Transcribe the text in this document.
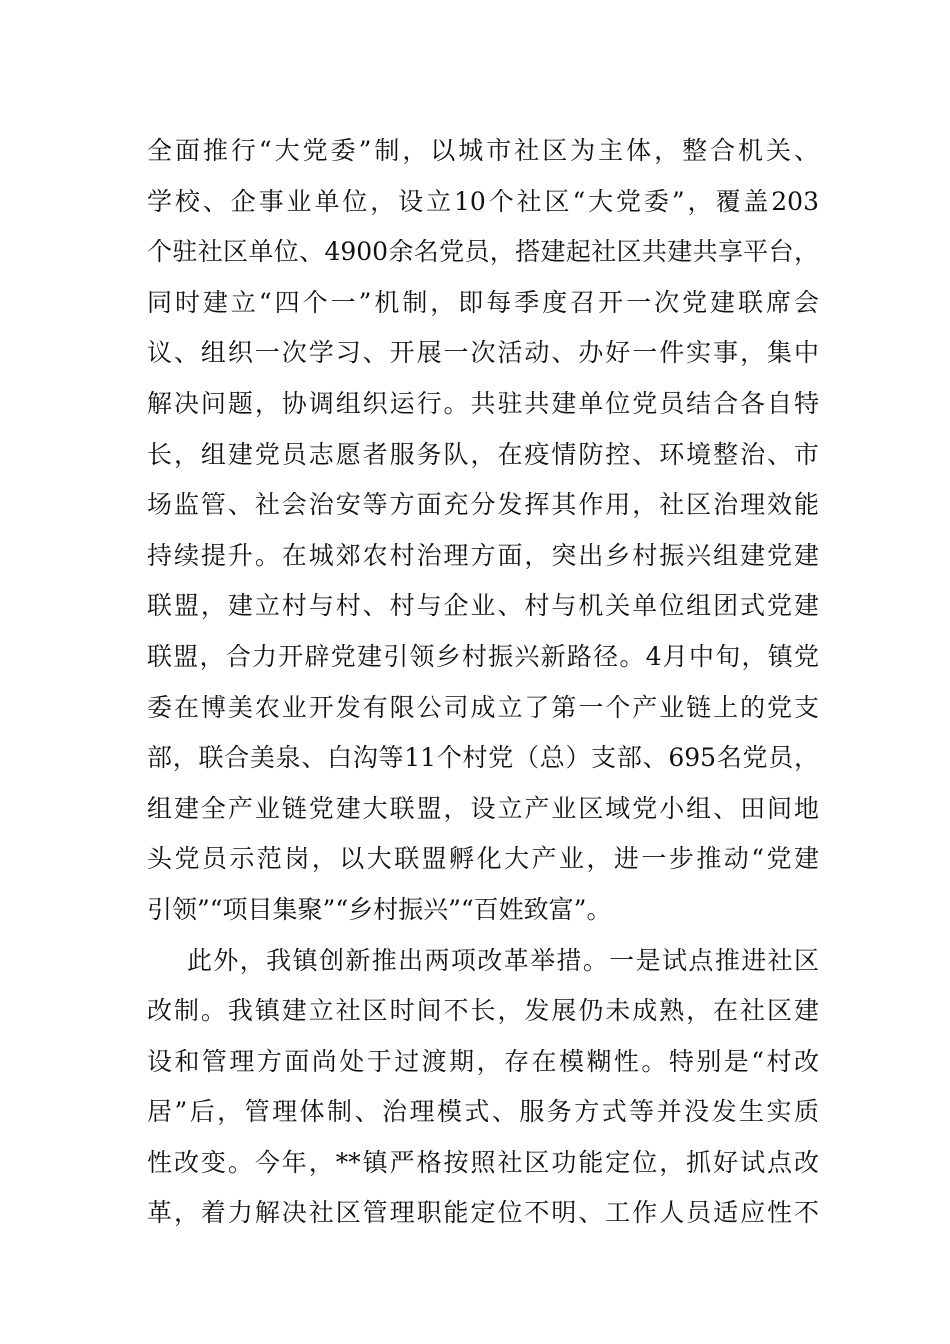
全面推行“大党委”制，以城市社区为主体，整合机关、
学校、企事业单位，设立10个社区“大党委”，覆盖203
个驻社区单位、4900余名党员，搭建起社区共建共享平台，
同时建立“四个一”机制，即每季度召开一次党建联席会
议、组织一次学习、开展一次活动、办好一件实事，集中
解决问题，协调组织运行。共驻共建单位党员结合各自特
长，组建党员志愿者服务队，在疫情防控、环境整治、市
场监管、社会治安等方面充分发挥其作用，社区治理效能
持续提升。在城郊农村治理方面，突出乡村振兴组建党建
联盟，建立村与村、村与企业、村与机关单位组团式党建
联盟，合力开辟党建引领乡村振兴新路径。4月中旬，镇党
委在博美农业开发有限公司成立了第一个产业链上的党支
部，联合美泉、白沟等11个村党（总）支部、695名党员，
组建全产业链党建大联盟，设立产业区域党小组、田间地
头党员示范岗，以大联盟孵化大产业，进一步推动“党建
引领”“项目集聚”“乡村振兴”“百姓致富”。
此外，我镇创新推出两项改革举措。一是试点推进社区
改制。我镇建立社区时间不长，发展仍未成熟，在社区建
设和管理方面尚处于过渡期，存在模糊性。特别是“村改
居”后，管理体制、治理模式、服务方式等并没发生实质
性改变。今年，**镇严格按照社区功能定位，抓好试点改
革，着力解决社区管理职能定位不明、工作人员适应性不
